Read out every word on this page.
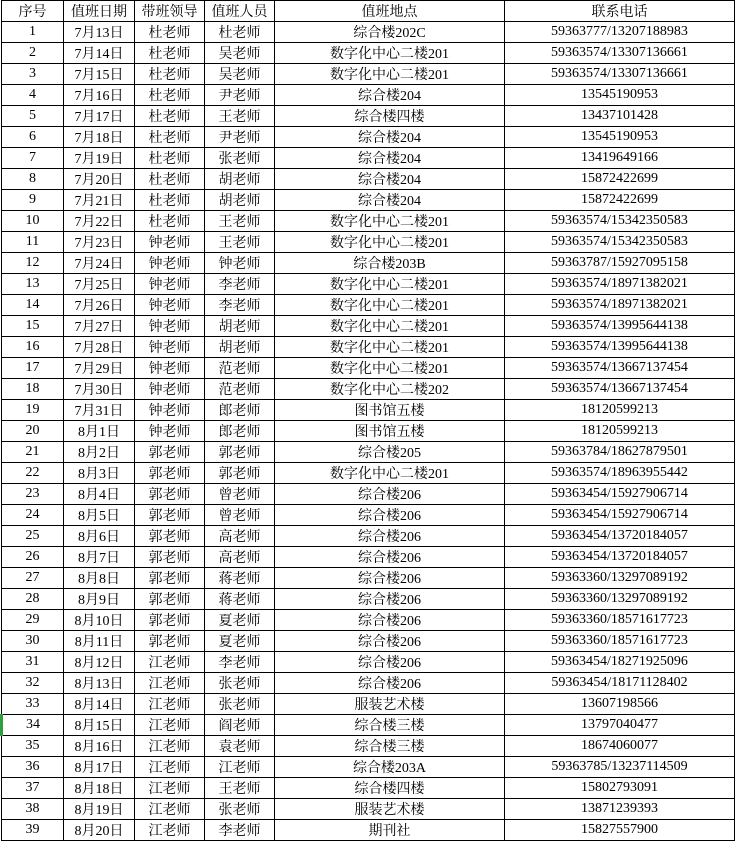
序号	值班日期	带班领导	值班人员	值班地点	联系电话
1	7月13日	杜老师	杜老师	综合楼202C	59363777/13207188983
2	7月14日	杜老师	吴老师	数字化中心二楼201	59363574/13307136661
3	7月15日	杜老师	吴老师	数字化中心二楼201	59363574/13307136661
4	7月16日	杜老师	尹老师	综合楼204	13545190953
5	7月17日	杜老师	王老师	综合楼四楼	13437101428
6	7月18日	杜老师	尹老师	综合楼204	13545190953
7	7月19日	杜老师	张老师	综合楼204	13419649166
8	7月20日	杜老师	胡老师	综合楼204	15872422699
9	7月21日	杜老师	胡老师	综合楼204	15872422699
10	7月22日	杜老师	王老师	数字化中心二楼201	59363574/15342350583
11	7月23日	钟老师	王老师	数字化中心二楼201	59363574/15342350583
12	7月24日	钟老师	钟老师	综合楼203B	59363787/15927095158
13	7月25日	钟老师	李老师	数字化中心二楼201	59363574/18971382021
14	7月26日	钟老师	李老师	数字化中心二楼201	59363574/18971382021
15	7月27日	钟老师	胡老师	数字化中心二楼201	59363574/13995644138
16	7月28日	钟老师	胡老师	数字化中心二楼201	59363574/13995644138
17	7月29日	钟老师	范老师	数字化中心二楼201	59363574/13667137454
18	7月30日	钟老师	范老师	数字化中心二楼202	59363574/13667137454
19	7月31日	钟老师	郎老师	图书馆五楼	18120599213
20	8月1日	钟老师	郎老师	图书馆五楼	18120599213
21	8月2日	郭老师	郭老师	综合楼205	59363784/18627879501
22	8月3日	郭老师	郭老师	数字化中心二楼201	59363574/18963955442
23	8月4日	郭老师	曾老师	综合楼206	59363454/15927906714
24	8月5日	郭老师	曾老师	综合楼206	59363454/15927906714
25	8月6日	郭老师	高老师	综合楼206	59363454/13720184057
26	8月7日	郭老师	高老师	综合楼206	59363454/13720184057
27	8月8日	郭老师	蒋老师	综合楼206	59363360/13297089192
28	8月9日	郭老师	蒋老师	综合楼206	59363360/13297089192
29	8月10日	郭老师	夏老师	综合楼206	59363360/18571617723
30	8月11日	郭老师	夏老师	综合楼206	59363360/18571617723
31	8月12日	江老师	李老师	综合楼206	59363454/18271925096
32	8月13日	江老师	张老师	综合楼206	59363454/18171128402
33	8月14日	江老师	张老师	服装艺术楼	13607198566
34	8月15日	江老师	阎老师	综合楼三楼	13797040477
35	8月16日	江老师	袁老师	综合楼三楼	18674060077
36	8月17日	江老师	江老师	综合楼203A	59363785/13237114509
37	8月18日	江老师	王老师	综合楼四楼	15802793091
38	8月19日	江老师	张老师	服装艺术楼	13871239393
39	8月20日	江老师	李老师	期刊社	15827557900
